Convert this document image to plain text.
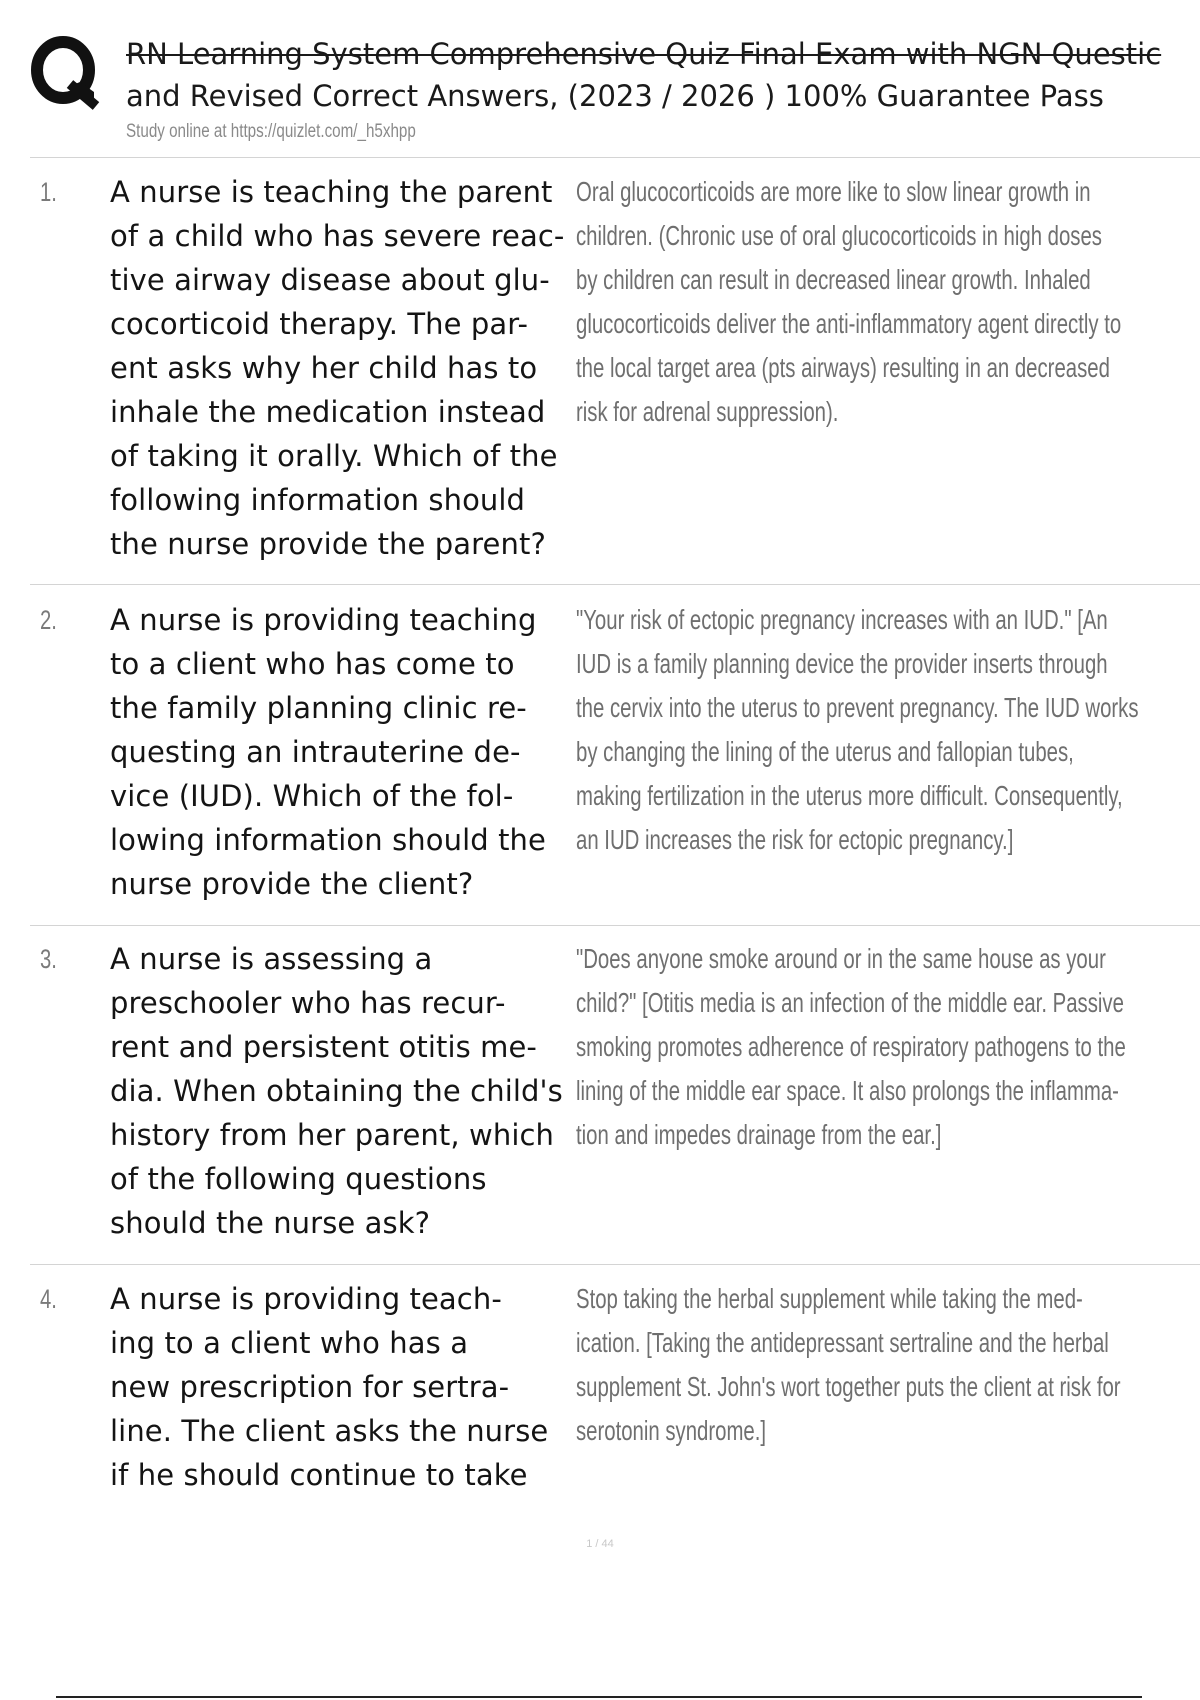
RN Learning System Comprehensive Quiz Final Exam with NGN Questic
and Revised Correct Answers, (2023 / 2026 ) 100% Guarantee Pass
Study online at https://quizlet.com/_h5xhpp
1. A nurse is teaching the parent
of a child who has severe reac-
tive airway disease about glu-
cocorticoid therapy. The par-
ent asks why her child has to
inhale the medication instead
of taking it orally. Which of the
following information should
the nurse provide the parent?
Oral glucocorticoids are more like to slow linear growth in
children. (Chronic use of oral glucocorticoids in high doses
by children can result in decreased linear growth. Inhaled
glucocorticoids deliver the anti-inflammatory agent directly to
the local target area (pts airways) resulting in an decreased
risk for adrenal suppression).
2. A nurse is providing teaching
to a client who has come to
the family planning clinic re-
questing an intrauterine de-
vice (IUD). Which of the fol-
lowing information should the
nurse provide the client?
"Your risk of ectopic pregnancy increases with an IUD." [An
IUD is a family planning device the provider inserts through
the cervix into the uterus to prevent pregnancy. The IUD works
by changing the lining of the uterus and fallopian tubes,
making fertilization in the uterus more difficult. Consequently,
an IUD increases the risk for ectopic pregnancy.]
3. A nurse is assessing a
preschooler who has recur-
rent and persistent otitis me-
dia. When obtaining the child's
history from her parent, which
of the following questions
should the nurse ask?
"Does anyone smoke around or in the same house as your
child?" [Otitis media is an infection of the middle ear. Passive
smoking promotes adherence of respiratory pathogens to the
lining of the middle ear space. It also prolongs the inflamma-
tion and impedes drainage from the ear.]
4. A nurse is providing teach-
ing to a client who has a
new prescription for sertra-
line. The client asks the nurse
if he should continue to take
Stop taking the herbal supplement while taking the med-
ication. [Taking the antidepressant sertraline and the herbal
supplement St. John's wort together puts the client at risk for
serotonin syndrome.]
1 / 44
